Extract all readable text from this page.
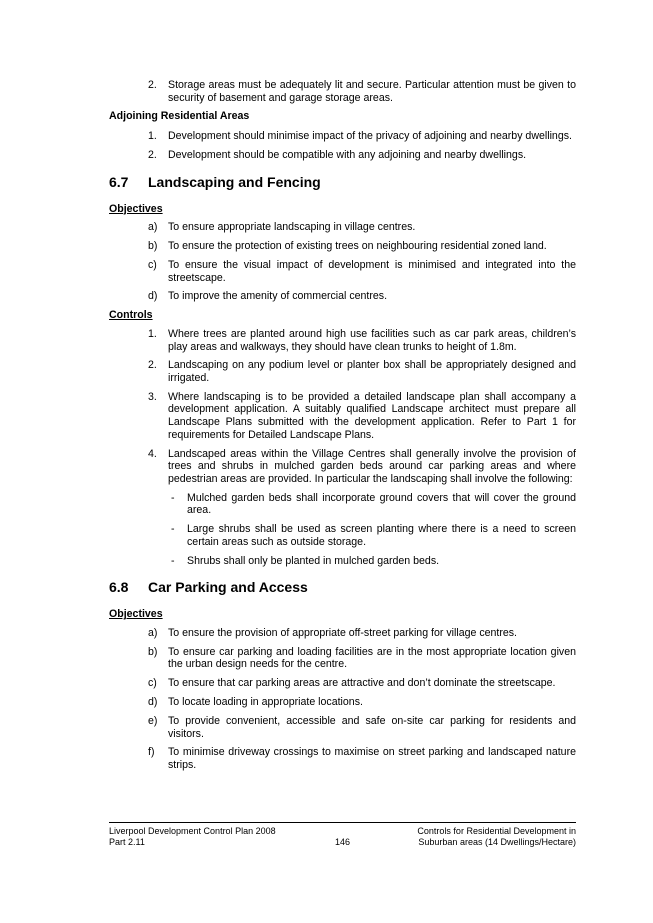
2.	Storage areas must be adequately lit and secure. Particular attention must be given to security of basement and garage storage areas.
Adjoining Residential Areas
1.	Development should minimise impact of the privacy of adjoining and nearby dwellings.
2.	Development should be compatible with any adjoining and nearby dwellings.
6.7	Landscaping and Fencing
Objectives
a) To ensure appropriate landscaping in village centres.
b) To ensure the protection of existing trees on neighbouring residential zoned land.
c)	To ensure the visual impact of development is minimised and integrated into the streetscape.
d) To improve the amenity of commercial centres.
Controls
1.	Where trees are planted around high use facilities such as car park areas, children’s play areas and walkways, they should have clean trunks to height of 1.8m.
2.	Landscaping on any podium level or planter box shall be appropriately designed and irrigated.
3.	Where landscaping is to be provided a detailed landscape plan shall accompany a development application. A suitably qualified Landscape architect must prepare all Landscape Plans submitted with the development application. Refer to Part 1 for requirements for Detailed Landscape Plans.
4.	Landscaped areas within the Village Centres shall generally involve the provision of trees and shrubs in mulched garden beds around car parking areas and where pedestrian areas are provided. In particular the landscaping shall involve the following:
-	Mulched garden beds shall incorporate ground covers that will cover the ground area.
-	Large shrubs shall be used as screen planting where there is a need to screen certain areas such as outside storage.
-	Shrubs shall only be planted in mulched garden beds.
6.8	Car Parking and Access
Objectives
a) To ensure the provision of appropriate off-street parking for village centres.
b) To ensure car parking and loading facilities are in the most appropriate location given the urban design needs for the centre.
c)	To ensure that car parking areas are attractive and don’t dominate the streetscape.
d) To locate loading in appropriate locations.
e) To provide convenient, accessible and safe on-site car parking for residents and visitors.
f)	To minimise driveway crossings to maximise on street parking and landscaped nature strips.
Liverpool Development Control Plan 2008
Part 2.11	146
Controls for Residential Development in
Suburban areas (14 Dwellings/Hectare)
